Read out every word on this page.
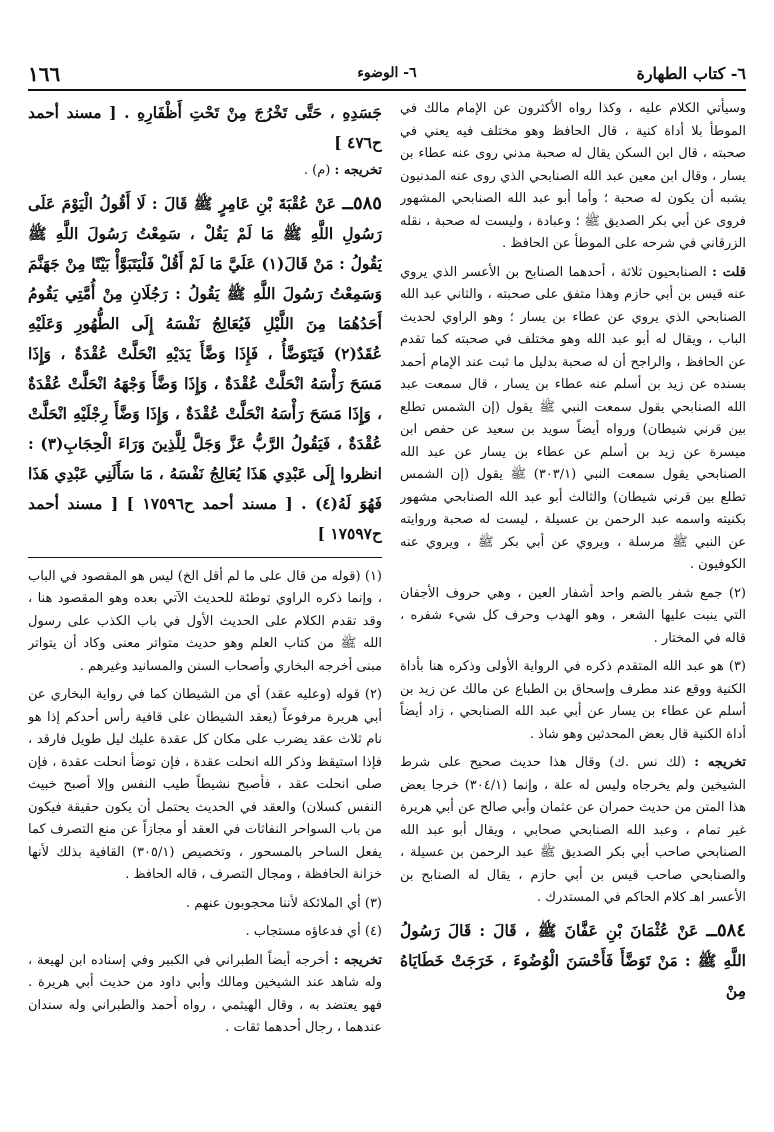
٦- كتاب الطهارة
٦- الوضوء
١٦٦

وسيأتي الكلام عليه ، وكذا رواه الأكثرون عن الإمام مالك في الموطأ بلا أداة كنية ، قال الحافظ وهو مختلف فيه يعني في صحبته ، قال ابن السكن يقال له صحبة مدني روى عنه عطاء بن يسار ، وقال ابن معين عبد الله الصنابحي الذي روى عنه المدنيون يشبه أن يكون له صحبة ؛ وأما أبو عبد الله الصنابحي المشهور فروى عن أبي بكر الصديق ﷺ ؛ وعبادة ، وليست له صحبة ، نقله الزرقاني في شرحه على الموطأ عن الحافظ .

قلت : الصنابحيون ثلاثة ، أحدهما الصنابح بن الأعسر الذي يروي عنه قيس بن أبي حازم وهذا متفق على صحبته ، والثاني عبد الله الصنابحي الذي يروي عن عطاء بن يسار ؛ وهو الراوي لحديث الباب ، ويقال له أبو عبد الله وهو مختلف في صحبته كما تقدم عن الحافظ ، والراجح أن له صحبة بدليل ما ثبت عند الإمام أحمد بسنده عن زيد بن أسلم عنه عطاء بن يسار ، قال سمعت عبد الله الصنابحي يقول سمعت النبي ﷺ يقول (إن الشمس تطلع بين قرني شيطان) ورواه أيضاً سويد بن سعيد عن حفص ابن ميسرة عن زيد بن أسلم عن عطاء بن يسار عن عبد الله الصنابحي يقول سمعت النبي (٣٠٣/١) ﷺ يقول (إن الشمس تطلع بين قرني شيطان) والثالث أبو عبد الله الصنابحي مشهور بكنيته واسمه عبد الرحمن بن عسيلة ، ليست له صحبة وروايته عن النبي ﷺ مرسلة ، ويروي عن أبي بكر ﷺ ، ويروي عنه الكوفيون .

(٢) جمع شفر بالضم واحد أشفار العين ، وهي حروف الأجفان التي ينبت عليها الشعر ، وهو الهدب وحرف كل شيء شفره ، قاله في المختار .

(٣) هو عبد الله المتقدم ذكره في الرواية الأولى وذكره هنا بأداة الكنية ووقع عند مطرف وإسحاق بن الطباع عن مالك عن زيد بن أسلم عن عطاء بن يسار عن أبي عبد الله الصنابحي ، زاد أيضاً أداة الكنية قال بعض المحدثين وهو شاذ .

تخريجه : (لك نس .ك) وقال هذا حديث صحيح على شرط الشيخين ولم يخرجاه وليس له علة ، وإنما (٣٠٤/١) خرجا بعض هذا المتن من حديث حمران عن عثمان وأبي صالح عن أبي هريرة غير تمام ، وعبد الله الصنابحي صحابي ، ويقال أبو عبد الله الصنابحي صاحب أبي بكر الصديق ﷺ عبد الرحمن بن عسيلة ، والصنابحي صاحب قيس بن أبي حازم ، يقال له الصنابح بن الأعسر اهـ كلام الحاكم في المستدرك .

٥٨٤ــ عَنْ عُثْمَانَ بْنِ عَفَّانَ ﷺ ، قَالَ : قَالَ رَسُولُ اللَّهِ ﷺ : مَنْ تَوَضَّأَ فَأَحْسَنَ الْوُضُوءَ ، خَرَجَتْ خَطَايَاهُ مِنْ

جَسَدِهِ ، حَتَّى تَخْرُجَ مِنْ تَحْتِ أَظْفَارِهِ . [ مسند أحمد ح٤٧٦ ]

تخريجه : (م) .

٥٨٥ــ عَنْ عُقْبَةَ بْنِ عَامِرٍ ﷺ قَالَ : لَا أَقُولُ الْيَوْمَ عَلَى رَسُولِ اللَّهِ ﷺ مَا لَمْ يَقُلْ ، سَمِعْتُ رَسُولَ اللَّهِ ﷺ يَقُولُ : مَنْ قَالَ(١) عَلَيَّ مَا لَمْ أَقُلْ فَلْيَتَبَوَّأْ بَيْتًا مِنْ جَهَنَّمَ وَسَمِعْتُ رَسُولَ اللَّهِ ﷺ يَقُولُ : رَجُلَانِ مِنْ أُمَّتِي يَقُومُ أَحَدُهُمَا مِنَ اللَّيْلِ فَيُعَالِجُ نَفْسَهُ إِلَى الطُّهُورِ وَعَلَيْهِ عُقَدٌ(٢) فَيَتَوَضَّأُ ، فَإِذَا وَضَّأَ يَدَيْهِ انْحَلَّتْ عُقْدَةٌ ، وَإِذَا مَسَحَ رَأْسَهُ انْحَلَّتْ عُقْدَةٌ ، وَإِذَا وَضَّأَ وَجْهَهُ انْحَلَّتْ عُقْدَةٌ ، وَإِذَا مَسَحَ رَأْسَهُ انْحَلَّتْ عُقْدَةٌ ، وَإِذَا وَضَّأَ رِجْلَيْهِ انْحَلَّتْ عُقْدَةٌ ، فَيَقُولُ الرَّبُّ عَزَّ وَجَلَّ لِلَّذِينَ وَرَاءَ الْحِجَابِ(٣) : انظروا إِلَى عَبْدِي هَذَا يُعَالِجُ نَفْسَهُ ، مَا سَأَلَنِي عَبْدِي هَذَا فَهُوَ لَهُ(٤) . [ مسند أحمد ح١٧٥٩٦ ] [ مسند أحمد ح١٧٥٩٧ ]

(١) (قوله من قال على ما لم أقل الخ) ليس هو المقصود في الباب ، وإنما ذكره الراوي توطئة للحديث الآتي بعده وهو المقصود هنا ، وقد تقدم الكلام على الحديث الأول في باب الكذب على رسول الله ﷺ من كتاب العلم وهو حديث متواتر معنى وكاد أن يتواتر مبنى أخرجه البخاري وأصحاب السنن والمسانيد وغيرهم .

(٢) قوله (وعليه عقد) أي من الشيطان كما في رواية البخاري عن أبي هريرة مرفوعاً (يعقد الشيطان على قافية رأس أحدكم إذا هو نام ثلاث عقد يضرب على مكان كل عقدة عليك ليل طويل فارقد ، فإذا استيقظ وذكر الله انحلت عقدة ، فإن توضأ انحلت عقدة ، فإن صلى انحلت عقد ، فأصبح نشيطاً طيب النفس وإلا أصبح خبيث النفس كسلان) والعقد في الحديث يحتمل أن يكون حقيقة فيكون من باب السواحر النفاثات في العقد أو مجازاً عن منع التصرف كما يفعل الساحر بالمسحور ، وتخصيص (٣٠٥/١) القافية بذلك لأنها خزانة الحافظة ، ومجال التصرف ، قاله الحافظ .

(٣) أي الملائكة لأننا محجوبون عنهم .

(٤) أي فدعاؤه مستجاب .

تخريجه : أخرجه أيضاً الطبراني في الكبير وفي إسناده ابن لهيعة ، وله شاهد عند الشيخين ومالك وأبي داود من حديث أبي هريرة . فهو يعتضد به ، وقال الهيثمي ، رواه أحمد والطبراني وله سندان عندهما ، رجال أحدهما ثقات .
